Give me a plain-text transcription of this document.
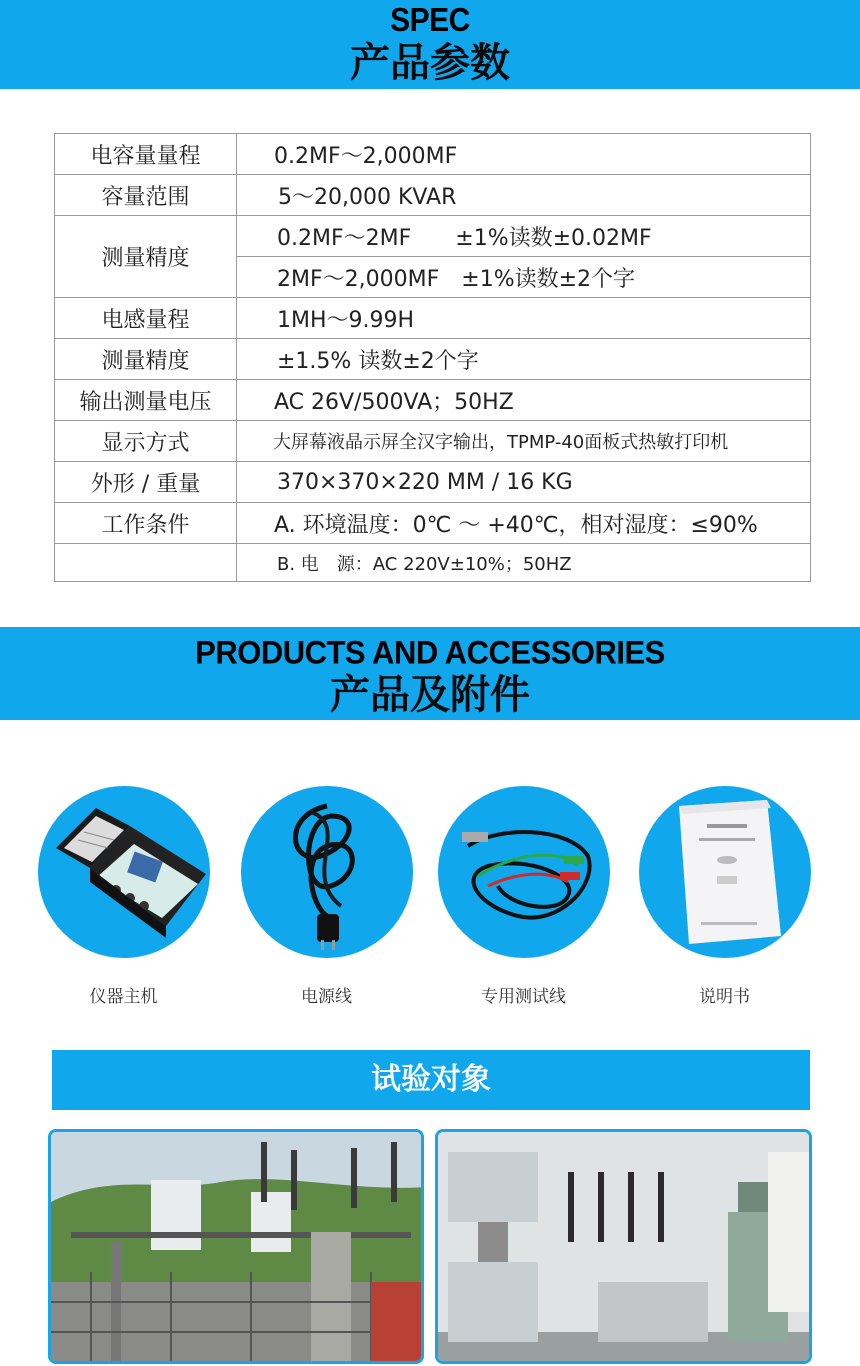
SPEC
产品参数
电容量量程	0.2MF～2,000MF
容量范围	5～20,000 KVAR
测量精度	0.2MF～2MF ±1%读数±0.02MF
	2MF～2,000MF ±1%读数±2个字
电感量程	1MH～9.99H
测量精度	±1.5% 读数±2个字
输出测量电压	AC 26V/500VA；50HZ
显示方式	大屏幕液晶示屏全汉字输出，TPMP-40面板式热敏打印机
外形 / 重量	370×370×220 MM / 16 KG
工作条件	A. 环境温度：0℃ ～ +40℃，相对湿度：≤90%
	B. 电　源：AC 220V±10%；50HZ
PRODUCTS AND ACCESSORIES
产品及附件
仪器主机	电源线	专用测试线	说明书
试验对象
